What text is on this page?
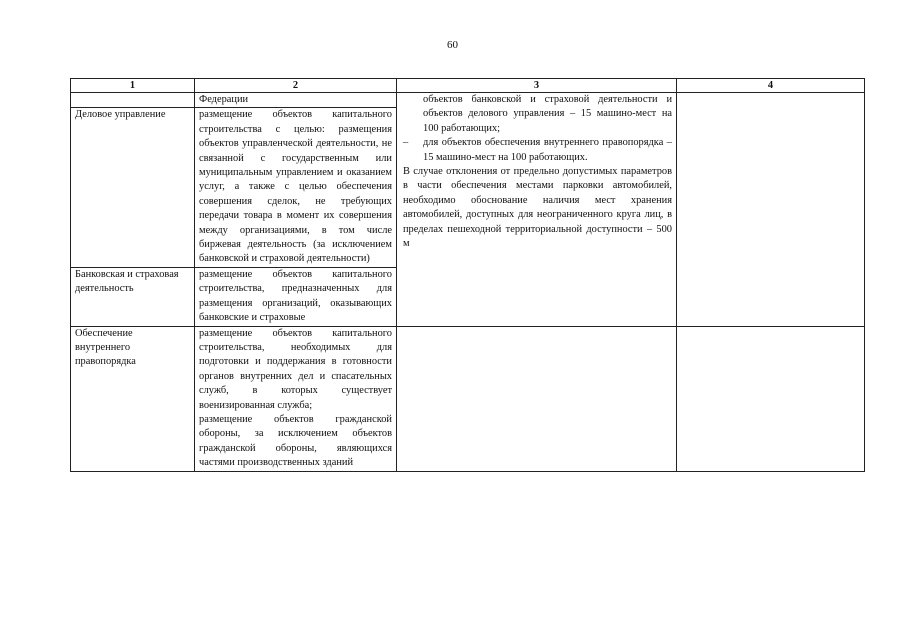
60
1	2	3	4
	Федерации	объектов банковской и страховой деятельности и объектов делового управления – 15 машино-мест на 100 работающих;

– для объектов обеспечения внутреннего правопорядка – 15 машино-мест на 100 работающих.

В случае отклонения от предельно допустимых параметров в части обеспечения местами парковки автомобилей, необходимо обоснование наличия мест хранения автомобилей, доступных для неограниченного круга лиц, в пределах пешеходной территориальной доступности – 500 м	

Деловое управление	размещение объектов капитального строительства с целью: размещения объектов управленческой деятельности, не связанной с государственным или муниципальным управлением и оказанием услуг, а также с целью обеспечения совершения сделок, не требующих передачи товара в момент их совершения между организациями, в том числе биржевая деятельность (за исключением банковской и страховой деятельности)		
Банковская и страховая деятельность	размещение объектов капитального строительства, предназначенных для размещения организаций, оказывающих банковские и страховые		
Обеспечение внутреннего правопорядка	размещение объектов капитального строительства, необходимых для подготовки и поддержания в готовности органов внутренних дел и спасательных служб, в которых существует военизированная служба;

размещение объектов гражданской обороны, за исключением объектов гражданской обороны, являющихся частями производственных зданий		
